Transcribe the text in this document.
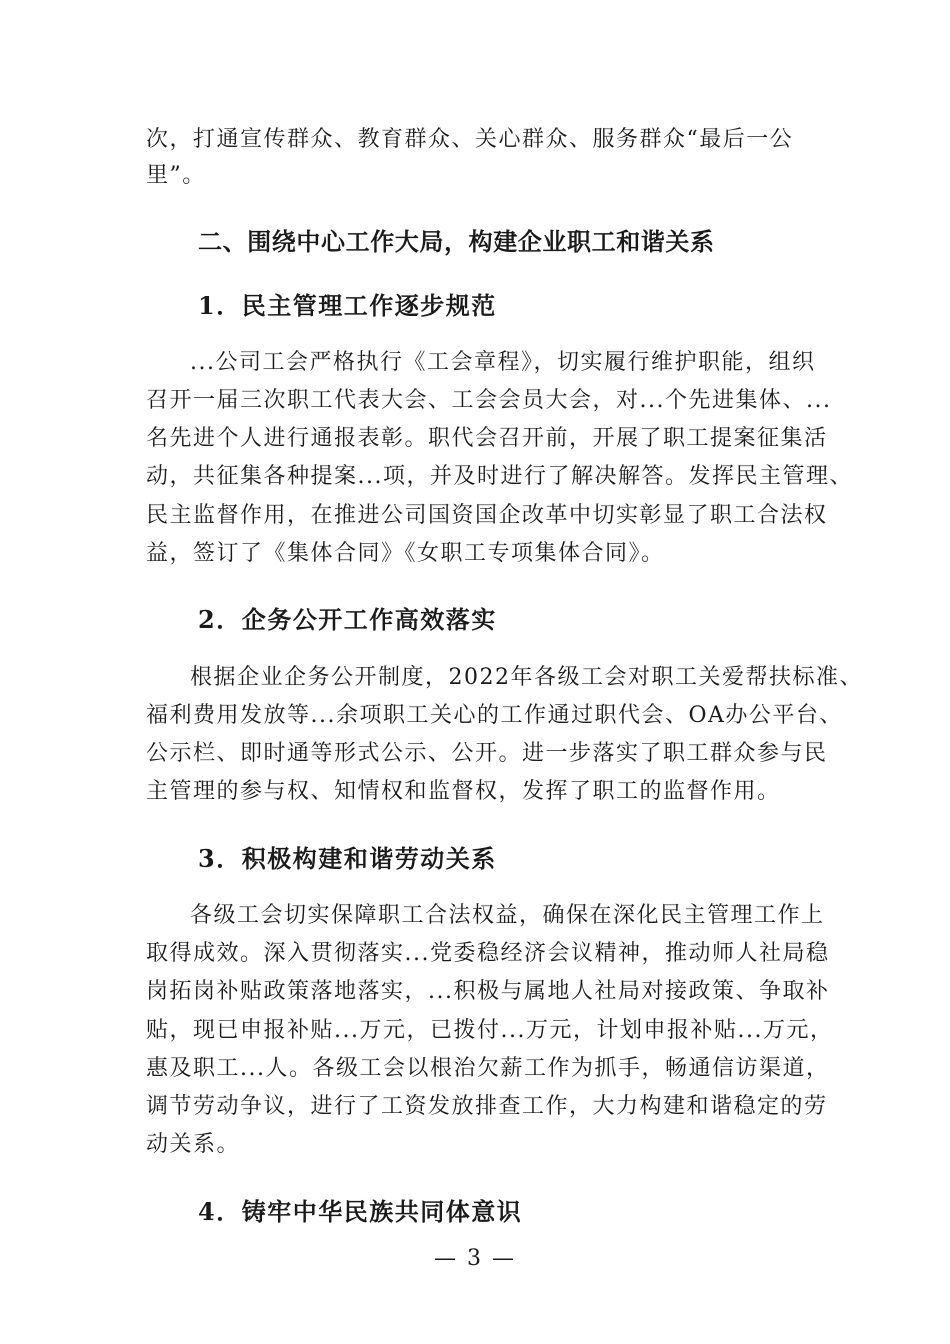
次，打通宣传群众、教育群众、关心群众、服务群众“最后一公
里”。
二、围绕中心工作大局，构建企业职工和谐关系
1．民主管理工作逐步规范
...公司工会严格执行《工会章程》，切实履行维护职能，组织
召开一届三次职工代表大会、工会会员大会，对...个先进集体、...
名先进个人进行通报表彰。职代会召开前，开展了职工提案征集活
动，共征集各种提案...项，并及时进行了解决解答。发挥民主管理、
民主监督作用，在推进公司国资国企改革中切实彰显了职工合法权
益，签订了《集体合同》《女职工专项集体合同》。
2．企务公开工作高效落实
根据企业企务公开制度，2022年各级工会对职工关爱帮扶标准、
福利费用发放等...余项职工关心的工作通过职代会、OA办公平台、
公示栏、即时通等形式公示、公开。进一步落实了职工群众参与民
主管理的参与权、知情权和监督权，发挥了职工的监督作用。
3．积极构建和谐劳动关系
各级工会切实保障职工合法权益，确保在深化民主管理工作上
取得成效。深入贯彻落实...党委稳经济会议精神，推动师人社局稳
岗拓岗补贴政策落地落实，...积极与属地人社局对接政策、争取补
贴，现已申报补贴...万元，已拨付...万元，计划申报补贴...万元，
惠及职工...人。各级工会以根治欠薪工作为抓手，畅通信访渠道，
调节劳动争议，进行了工资发放排查工作，大力构建和谐稳定的劳
动关系。
4．铸牢中华民族共同体意识
— 3 —
